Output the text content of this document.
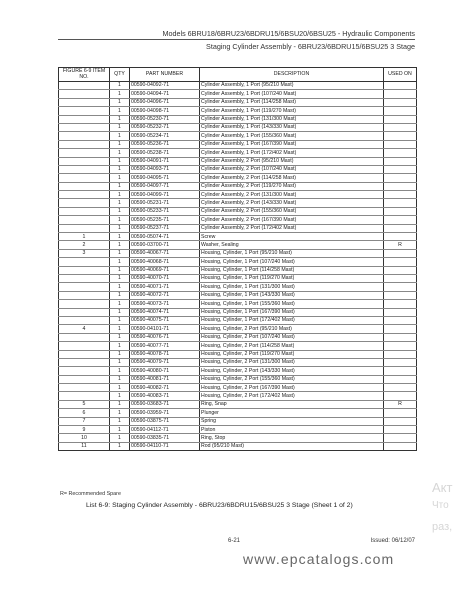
Models 6BRU18/6BRU23/6BDRU15/6BSU20/6BSU25 - Hydraulic Components
Staging Cylinder Assembly - 6BRU23/6BDRU15/6BSU25 3 Stage
FIGURE 6-9 ITEM NO.	QTY	PART NUMBER	DESCRIPTION	USED ON
	1	00590-04092-71	Cylinder Assembly, 1 Port (95/210 Mast)	
	1	00590-04094-71	Cylinder Assembly, 1 Port (107/240 Mast)	
	1	00590-04096-71	Cylinder Assembly, 1 Port (114/258 Mast)	
	1	00590-04098-71	Cylinder Assembly, 1 Port (119/270 Mast)	
	1	00590-05230-71	Cylinder Assembly, 1 Port (131/300 Mast)	
	1	00590-05232-71	Cylinder Assembly, 1 Port (143/330 Mast)	
	1	00590-05234-71	Cylinder Assembly, 1 Port (155/360 Mast)	
	1	00590-05236-71	Cylinder Assembly, 1 Port (167/390 Mast)	
	1	00590-05238-71	Cylinder Assembly, 1 Port (172/402 Mast)	
	1	00590-04091-71	Cylinder Assembly, 2 Port (95/210 Mast)	
	1	00590-04093-71	Cylinder Assembly, 2 Port (107/240 Mast)	
	1	00590-04095-71	Cylinder Assembly, 2 Port (114/258 Mast)	
	1	00590-04097-71	Cylinder Assembly, 2 Port (119/270 Mast)	
	1	00590-04099-71	Cylinder Assembly, 2 Port (131/300 Mast)	
	1	00590-05231-71	Cylinder Assembly, 2 Port (143/330 Mast)	
	1	00590-05233-71	Cylinder Assembly, 2 Port (155/360 Mast)	
	1	00590-05235-71	Cylinder Assembly, 2 Port (167/390 Mast)	
	1	00590-05237-71	Cylinder Assembly, 2 Port (172/402 Mast)	
1	1	00590-05074-71	Screw	
2	1	00590-03700-71	Washer, Sealing	R
3	1	00590-40067-71	Housing, Cylinder, 1 Port (95/210 Mast)	
	1	00590-40068-71	Housing, Cylinder, 1 Port (107/240 Mast)	
	1	00590-40069-71	Housing, Cylinder, 1 Port (114/258 Mast)	
	1	00590-40070-71	Housing, Cylinder, 1 Port (119/270 Mast)	
	1	00590-40071-71	Housing, Cylinder, 1 Port (131/300 Mast)	
	1	00590-40072-71	Housing, Cylinder, 1 Port (143/330 Mast)	
	1	00590-40073-71	Housing, Cylinder, 1 Port (155/360 Mast)	
	1	00590-40074-71	Housing, Cylinder, 1 Port (167/390 Mast)	
	1	00590-40075-71	Housing, Cylinder, 1 Port (172/402 Mast)	
4	1	00590-04101-71	Housing, Cylinder, 2 Port (95/210 Mast)	
	1	00590-40076-71	Housing, Cylinder, 2 Port (107/240 Mast)	
	1	00590-40077-71	Housing, Cylinder, 2 Port (114/258 Mast)	
	1	00590-40078-71	Housing, Cylinder, 2 Port (119/270 Mast)	
	1	00590-40079-71	Housing, Cylinder, 2 Port (131/300 Mast)	
	1	00590-40080-71	Housing, Cylinder, 2 Port (143/330 Mast)	
	1	00590-40081-71	Housing, Cylinder, 2 Port (155/360 Mast)	
	1	00590-40082-71	Housing, Cylinder, 2 Port (167/390 Mast)	
	1	00590-40083-71	Housing, Cylinder, 2 Port (172/402 Mast)	
5	1	00590-03683-71	Ring, Snap	R
6	1	00590-03959-71	Plunger	
7	1	00590-03875-71	Spring	
9	1	00590-04112-71	Piston	
10	1	00590-03835-71	Ring, Stop	
11	1	00590-04110-71	Rod (95/210 Mast)	
R= Recommended Spare
List 6-9: Staging Cylinder Assembly - 6BRU23/6BDRU15/6BSU25 3 Stage (Sheet 1 of 2)
6-21	Issued: 06/12/07
www.epcatalogs.com
Акт
Что
раз,
